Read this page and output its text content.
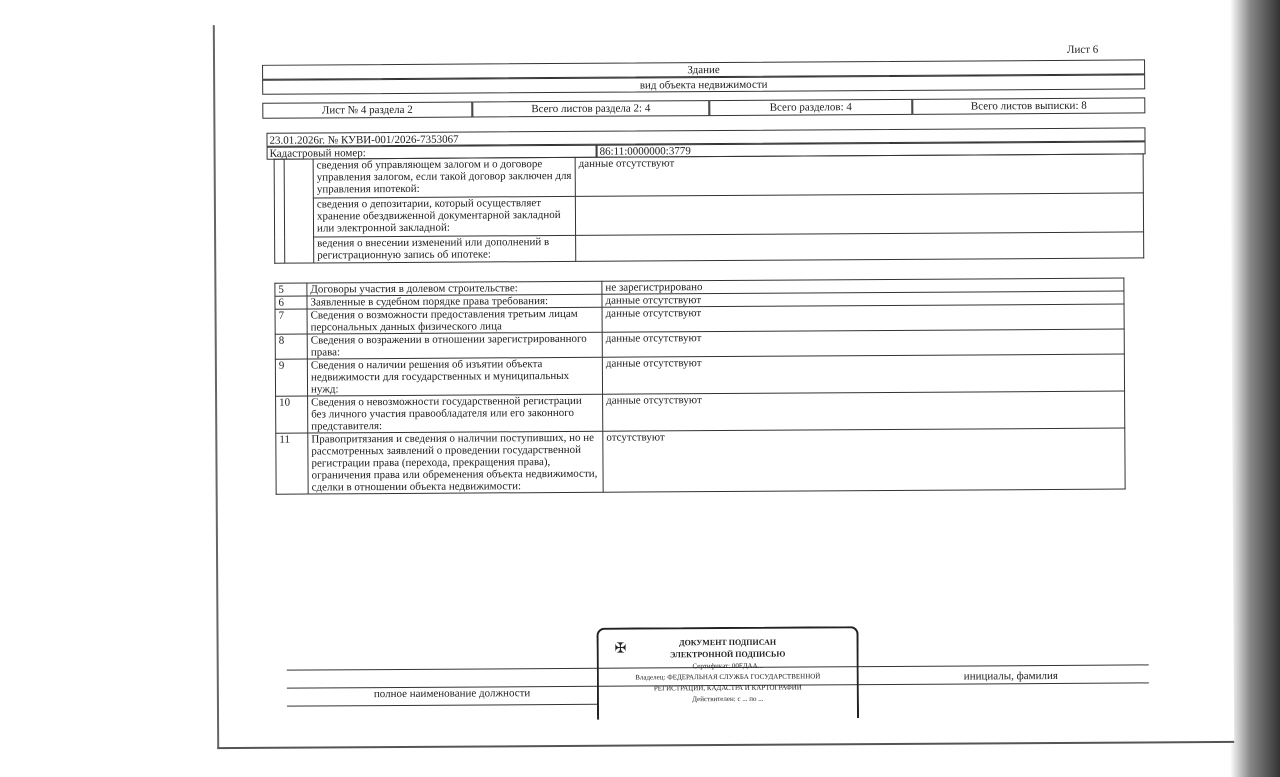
Лист 6
Здание
вид объекта недвижимости
Лист № 4 раздела 2	Всего листов раздела 2: 4	Всего разделов: 4	Всего листов выписки: 8
23.01.2026г. № КУВИ-001/2026-7353067
Кадастровый номер:	86:11:0000000:3779
		сведения об управляющем залогом и о договоре управления залогом, если такой договор заключен для управления ипотекой:	данные отсутствуют
		сведения о депозитарии, который осуществляет хранение обездвиженной документарной закладной или электронной закладной:	
		ведения о внесении изменений или дополнений в регистрационную запись об ипотеке:	
5	Договоры участия в долевом строительстве:	не зарегистрировано
6	Заявленные в судебном порядке права требования:	данные отсутствуют
7	Сведения о возможности предоставления третьим лицам персональных данных физического лица	данные отсутствуют
8	Сведения о возражении в отношении зарегистрированного права:	данные отсутствуют
9	Сведения о наличии решения об изъятии объекта недвижимости для государственных и муниципальных нужд:	данные отсутствуют
10	Сведения о невозможности государственной регистрации без личного участия правообладателя или его законного представителя:	данные отсутствуют
11	Правопритязания и сведения о наличии поступивших, но не рассмотренных заявлений о проведении государственной регистрации права (перехода, прекращения права), ограничения права или обременения объекта недвижимости, сделки в отношении объекта недвижимости:	отсутствуют
полное наименование должности
инициалы, фамилия
✠	ДОКУМЕНТ ПОДПИСАН
ЭЛЕКТРОННОЙ ПОДПИСЬЮ
Сертификат: 00FДАА...
Владелец: ФЕДЕРАЛЬНАЯ СЛУЖБА ГОСУДАРСТВЕННОЙ
РЕГИСТРАЦИИ, КАДАСТРА И КАРТОГРАФИИ
Действителен: с ... по ...
